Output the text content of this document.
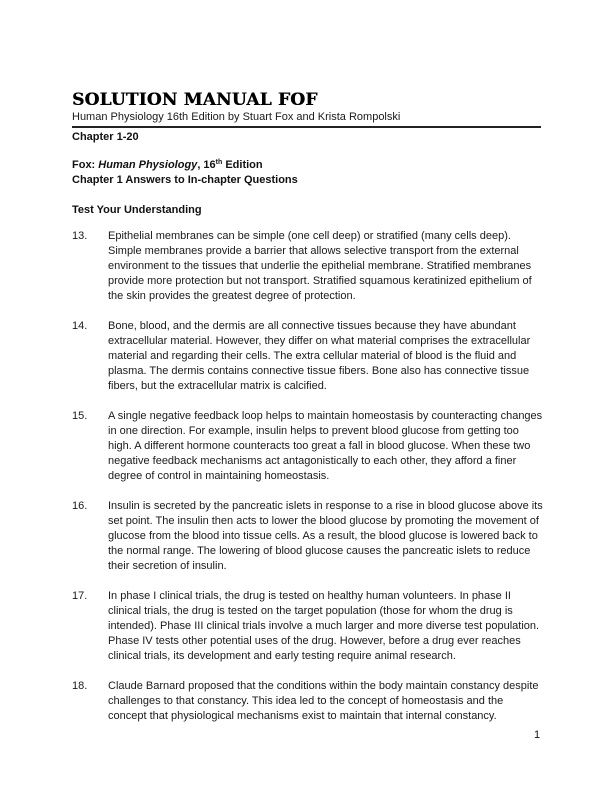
SOLUTION MANUAL FOF
Human Physiology 16th Edition by Stuart Fox and Krista Rompolski
Chapter 1-20
Fox: Human Physiology, 16th Edition
Chapter 1 Answers to In-chapter Questions
Test Your Understanding
13.	Epithelial membranes can be simple (one cell deep) or stratified (many cells deep). Simple membranes provide a barrier that allows selective transport from the external environment to the tissues that underlie the epithelial membrane. Stratified membranes provide more protection but not transport. Stratified squamous keratinized epithelium of the skin provides the greatest degree of protection.
14.	Bone, blood, and the dermis are all connective tissues because they have abundant extracellular material. However, they differ on what material comprises the extracellular material and regarding their cells. The extra cellular material of blood is the fluid and plasma. The dermis contains connective tissue fibers. Bone also has connective tissue fibers, but the extracellular matrix is calcified.
15.	A single negative feedback loop helps to maintain homeostasis by counteracting changes in one direction. For example, insulin helps to prevent blood glucose from getting too high. A different hormone counteracts too great a fall in blood glucose. When these two negative feedback mechanisms act antagonistically to each other, they afford a finer degree of control in maintaining homeostasis.
16.	Insulin is secreted by the pancreatic islets in response to a rise in blood glucose above its set point. The insulin then acts to lower the blood glucose by promoting the movement of glucose from the blood into tissue cells. As a result, the blood glucose is lowered back to the normal range. The lowering of blood glucose causes the pancreatic islets to reduce their secretion of insulin.
17.	In phase I clinical trials, the drug is tested on healthy human volunteers. In phase II clinical trials, the drug is tested on the target population (those for whom the drug is intended). Phase III clinical trials involve a much larger and more diverse test population. Phase IV tests other potential uses of the drug. However, before a drug ever reaches clinical trials, its development and early testing require animal research.
18.	Claude Barnard proposed that the conditions within the body maintain constancy despite challenges to that constancy. This idea led to the concept of homeostasis and the concept that physiological mechanisms exist to maintain that internal constancy.
1
